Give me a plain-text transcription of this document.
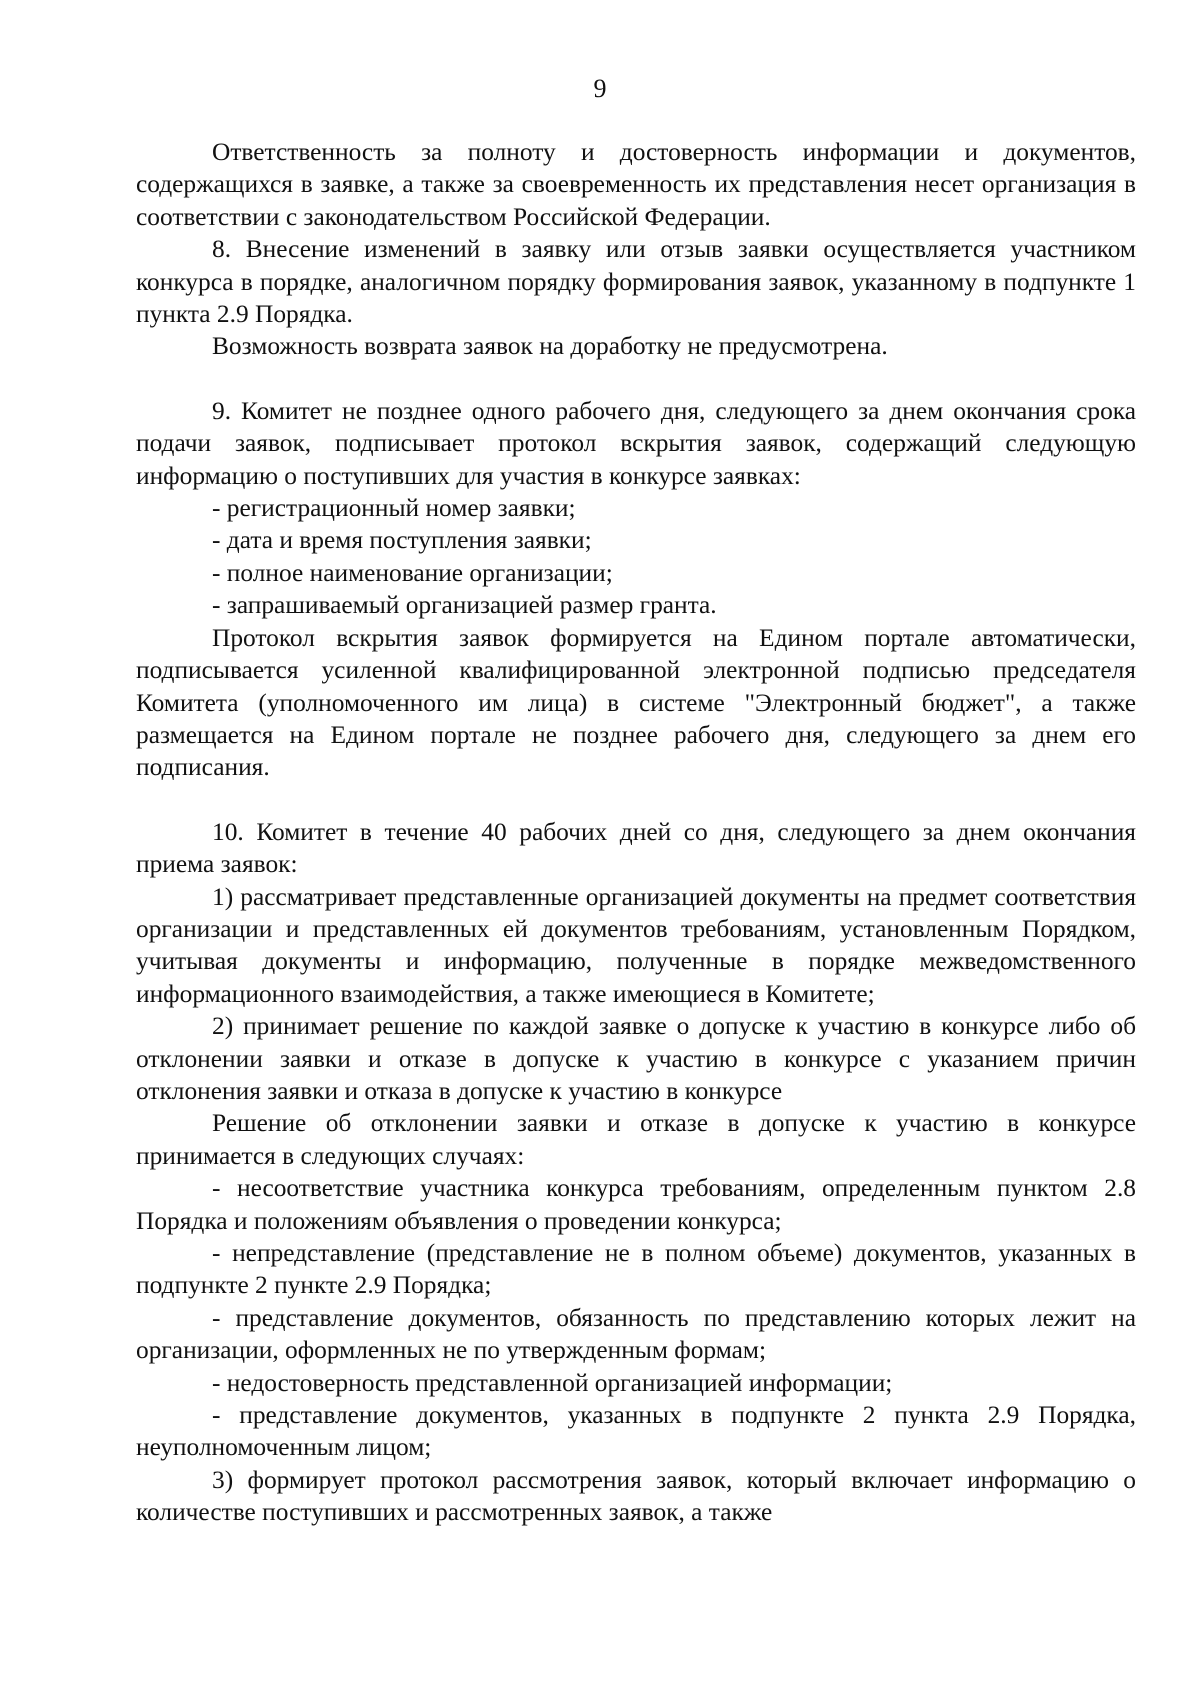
9

Ответственность за полноту и достоверность информации и документов, содержащихся в заявке, а также за своевременность их представления несет организация в соответствии с законодательством Российской Федерации.

8. Внесение изменений в заявку или отзыв заявки осуществляется участником конкурса в порядке, аналогичном порядку формирования заявок, указанному в подпункте 1 пункта 2.9 Порядка.

Возможность возврата заявок на доработку не предусмотрена.

9. Комитет не позднее одного рабочего дня, следующего за днем окончания срока подачи заявок, подписывает протокол вскрытия заявок, содержащий следующую информацию о поступивших для участия в конкурсе заявках:

- регистрационный номер заявки;

- дата и время поступления заявки;

- полное наименование организации;

- запрашиваемый организацией размер гранта.

Протокол вскрытия заявок формируется на Едином портале автоматически, подписывается усиленной квалифицированной электронной подписью председателя Комитета (уполномоченного им лица) в системе "Электронный бюджет", а также размещается на Едином портале не позднее рабочего дня, следующего за днем его подписания.

10. Комитет в течение 40 рабочих дней со дня, следующего за днем окончания приема заявок:

1) рассматривает представленные организацией документы на предмет соответствия организации и представленных ей документов требованиям, установленным Порядком, учитывая документы и информацию, полученные в порядке межведомственного информационного взаимодействия, а также имеющиеся в Комитете;

2) принимает решение по каждой заявке о допуске к участию в конкурсе либо об отклонении заявки и отказе в допуске к участию в конкурсе с указанием причин отклонения заявки и отказа в допуске к участию в конкурсе

Решение об отклонении заявки и отказе в допуске к участию в конкурсе принимается в следующих случаях:

- несоответствие участника конкурса требованиям, определенным пунктом 2.8 Порядка и положениям объявления о проведении конкурса;

- непредставление (представление не в полном объеме) документов, указанных в подпункте 2 пункте 2.9 Порядка;

- представление документов, обязанность по представлению которых лежит на организации, оформленных не по утвержденным формам;

- недостоверность представленной организацией информации;

- представление документов, указанных в подпункте 2 пункта 2.9 Порядка, неуполномоченным лицом;

3) формирует протокол рассмотрения заявок, который включает информацию о количестве поступивших и рассмотренных заявок, а также
